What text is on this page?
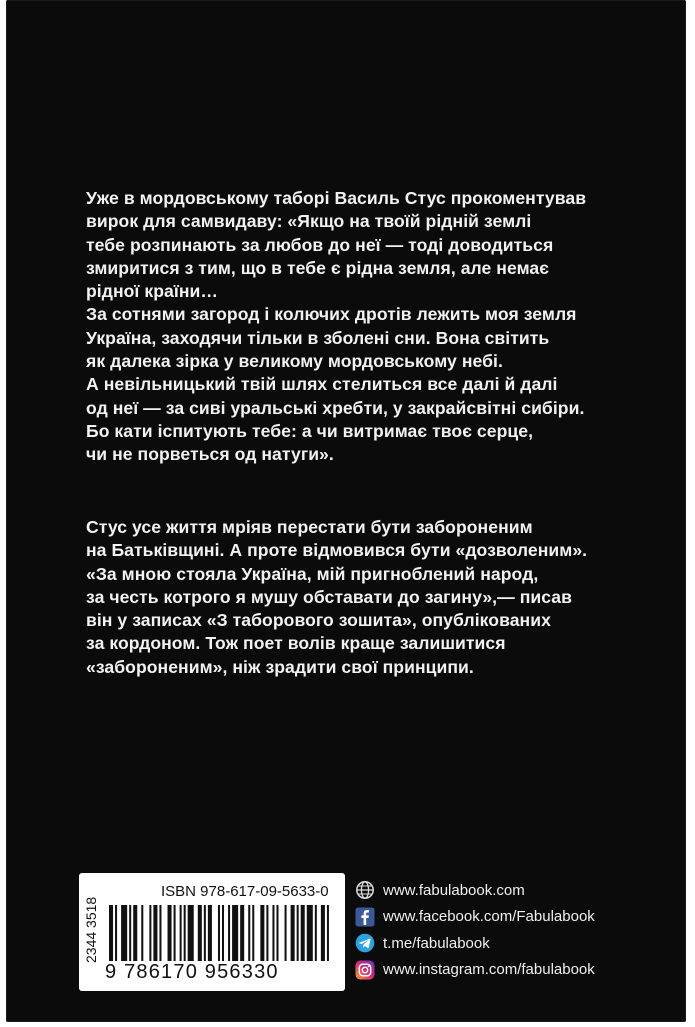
Уже в мордовському таборі Василь Стус прокоментував
вирок для самвидаву: «Якщо на твоїй рідній землі
тебе розпинають за любов до неї — тоді доводиться
змиритися з тим, що в тебе є рідна земля, але немає
рідної країни…
За сотнями загород і колючих дротів лежить моя земля
Україна, заходячи тільки в зболені сни. Вона світить
як далека зірка у великому мордовському небі.
А невільницький твій шлях стелиться все далі й далі
од неї — за сиві уральські хребти, у закрайсвітні сибіри.
Бо кати іспитують тебе: а чи витримає твоє серце,
чи не порветься од натуги».
Стус усе життя мріяв перестати бути забороненим
на Батьківщині. А проте відмовився бути «дозволеним».
«За мною стояла Україна, мій пригноблений народ,
за честь котрого я мушу обставати до загину»,— писав
він у записах «З таборового зошита», опублікованих
за кордоном. Тож поет волів краще залишитися
«забороненим», ніж зрадити свої принципи.
ISBN 978-617-09-5633-0
2344 3518
9 786170 956330
www.fabulabook.com
www.facebook.com/Fabulabook
t.me/fabulabook
www.instagram.com/fabulabook
